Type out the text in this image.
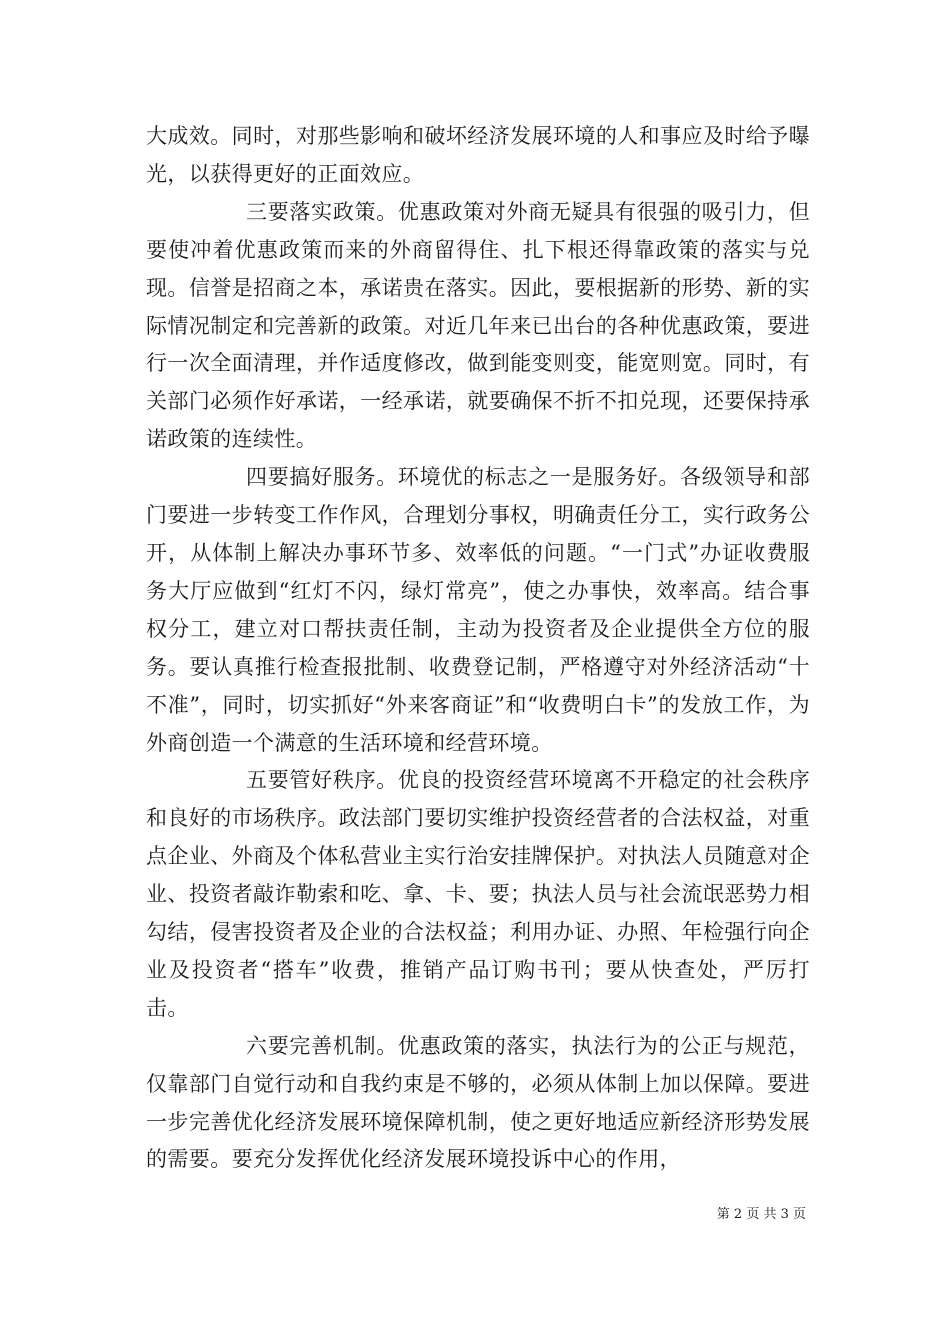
大成效。同时，对那些影响和破坏经济发展环境的人和事应及时给予曝光，以获得更好的正面效应。

三要落实政策。优惠政策对外商无疑具有很强的吸引力，但要使冲着优惠政策而来的外商留得住、扎下根还得靠政策的落实与兑现。信誉是招商之本，承诺贵在落实。因此，要根据新的形势、新的实际情况制定和完善新的政策。对近几年来已出台的各种优惠政策，要进行一次全面清理，并作适度修改，做到能变则变，能宽则宽。同时，有关部门必须作好承诺，一经承诺，就要确保不折不扣兑现，还要保持承诺政策的连续性。

四要搞好服务。环境优的标志之一是服务好。各级领导和部门要进一步转变工作作风，合理划分事权，明确责任分工，实行政务公开，从体制上解决办事环节多、效率低的问题。“一门式”办证收费服务大厅应做到“红灯不闪，绿灯常亮”，使之办事快，效率高。结合事权分工，建立对口帮扶责任制，主动为投资者及企业提供全方位的服务。要认真推行检查报批制、收费登记制，严格遵守对外经济活动“十不准”，同时，切实抓好“外来客商证”和“收费明白卡”的发放工作，为外商创造一个满意的生活环境和经营环境。

五要管好秩序。优良的投资经营环境离不开稳定的社会秩序和良好的市场秩序。政法部门要切实维护投资经营者的合法权益，对重点企业、外商及个体私营业主实行治安挂牌保护。对执法人员随意对企业、投资者敲诈勒索和吃、拿、卡、要；执法人员与社会流氓恶势力相勾结，侵害投资者及企业的合法权益；利用办证、办照、年检强行向企业及投资者“搭车”收费，推销产品订购书刊；要从快查处，严厉打击。

六要完善机制。优惠政策的落实，执法行为的公正与规范，仅靠部门自觉行动和自我约束是不够的，必须从体制上加以保障。要进一步完善优化经济发展环境保障机制，使之更好地适应新经济形势发展的需要。要充分发挥优化经济发展环境投诉中心的作用，

第 2 页 共 3 页
